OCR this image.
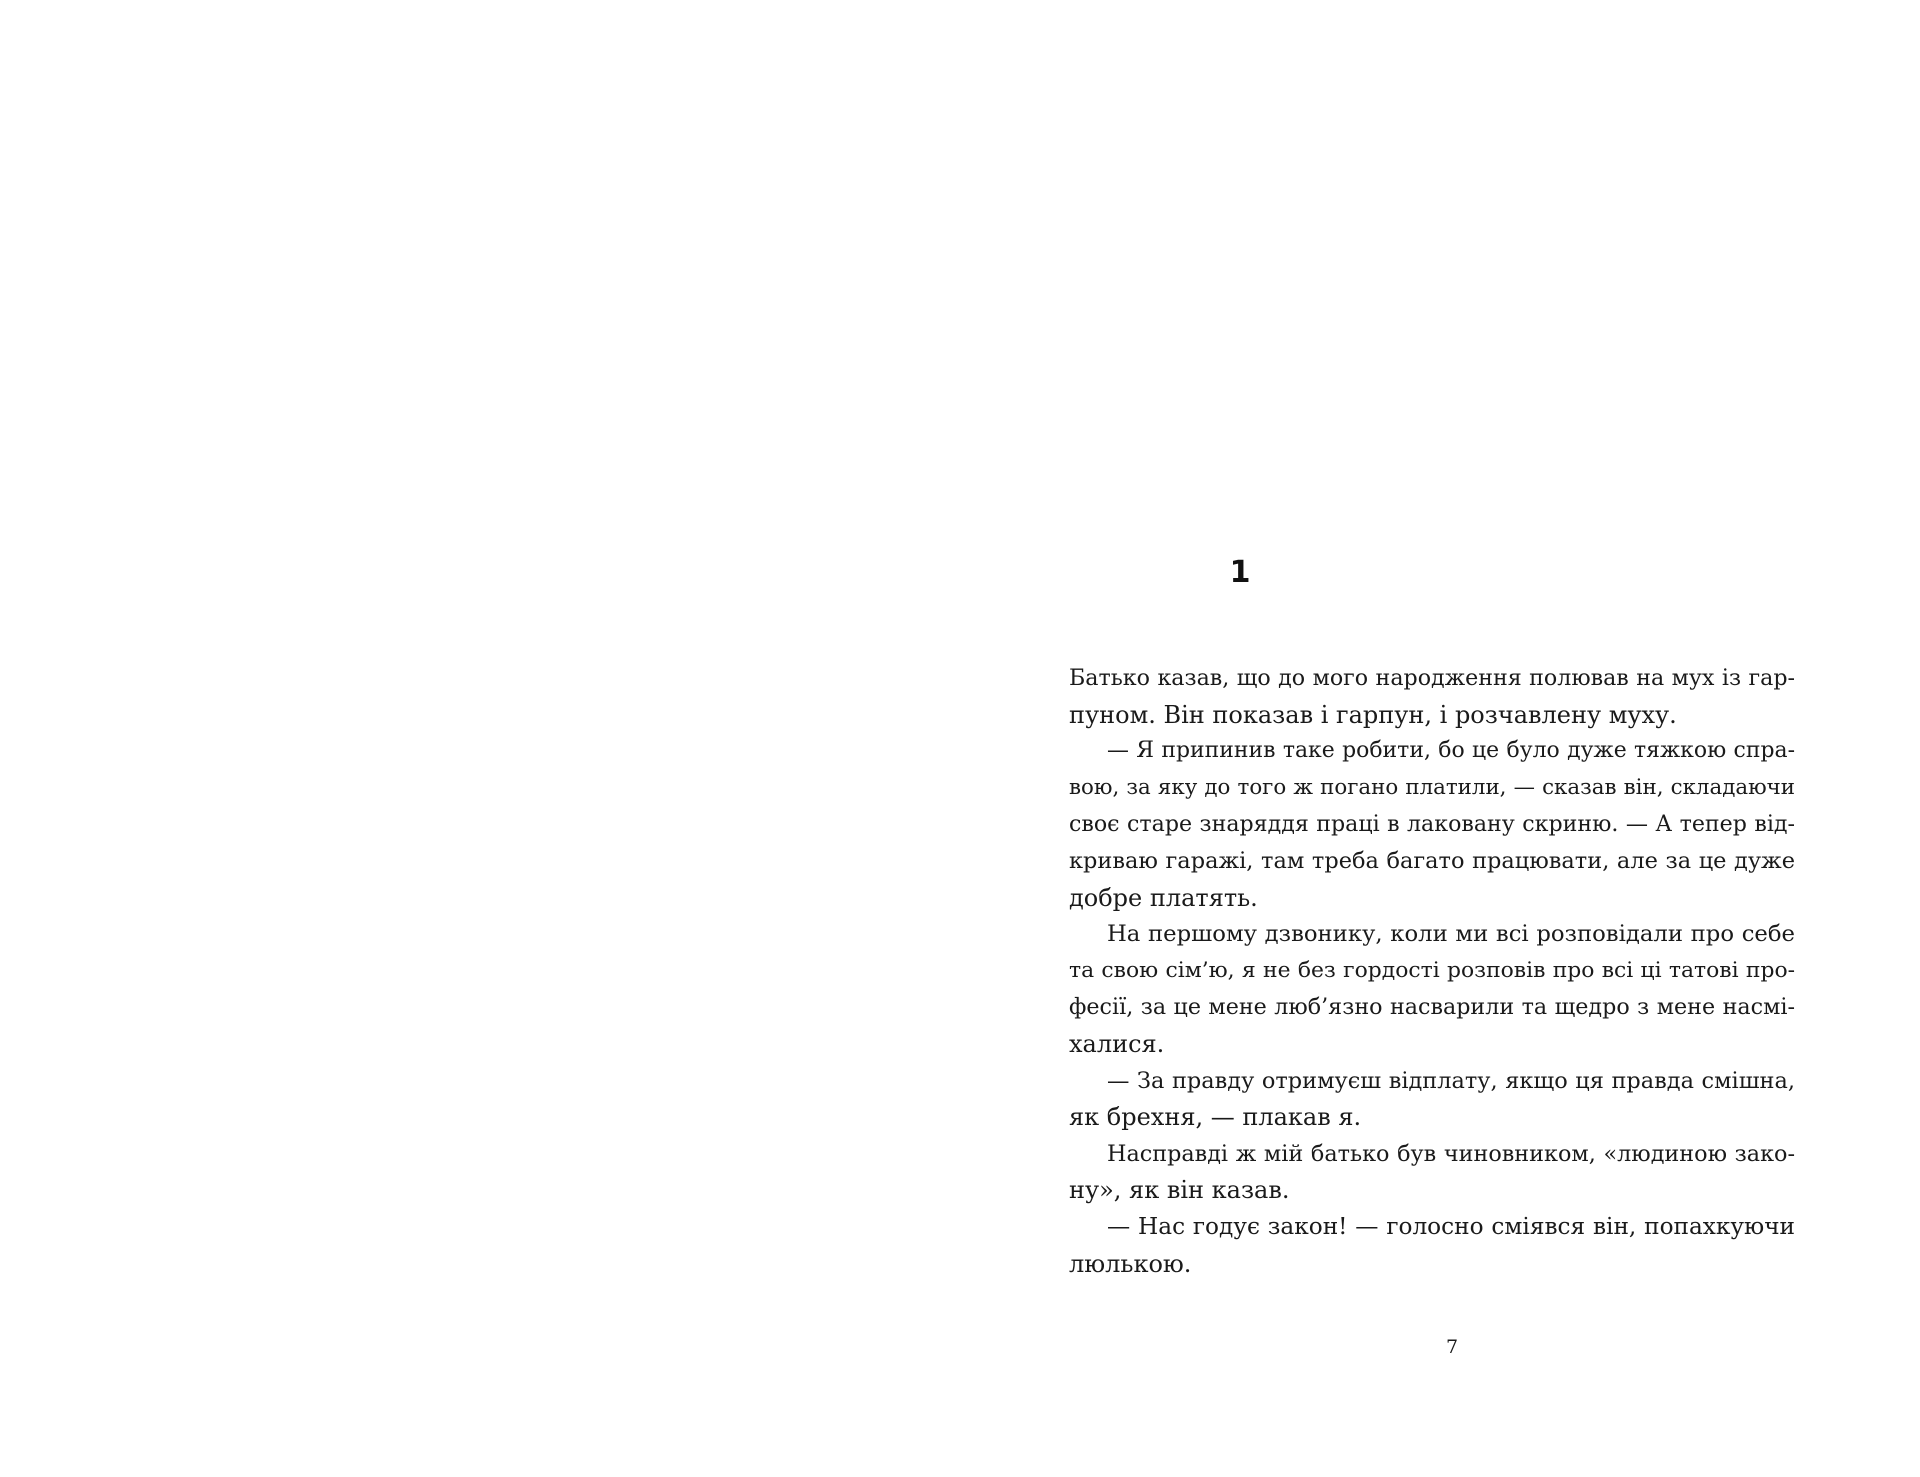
1
Батько казав, що до мого народження полював на мух із гар-
пуном. Він показав і гарпун, і розчавлену муху.
— Я припинив таке робити, бо це було дуже тяжкою спра-
вою, за яку до того ж погано платили, — сказав він, складаючи
своє старе знаряддя праці в лаковану скриню. — А тепер від-
криваю гаражі, там треба багато працювати, але за це дуже
добре платять.
На першому дзвонику, коли ми всі розповідали про себе
та свою сім’ю, я не без гордості розповів про всі ці татові про-
фесії, за це мене люб’язно насварили та щедро з мене насмі-
халися.
— За правду отримуєш відплату, якщо ця правда смішна,
як брехня, — плакав я.
Насправді ж мій батько був чиновником, «людиною зако-
ну», як він казав.
— Нас годує закон! — голосно сміявся він, попахкуючи
люлькою.
7
